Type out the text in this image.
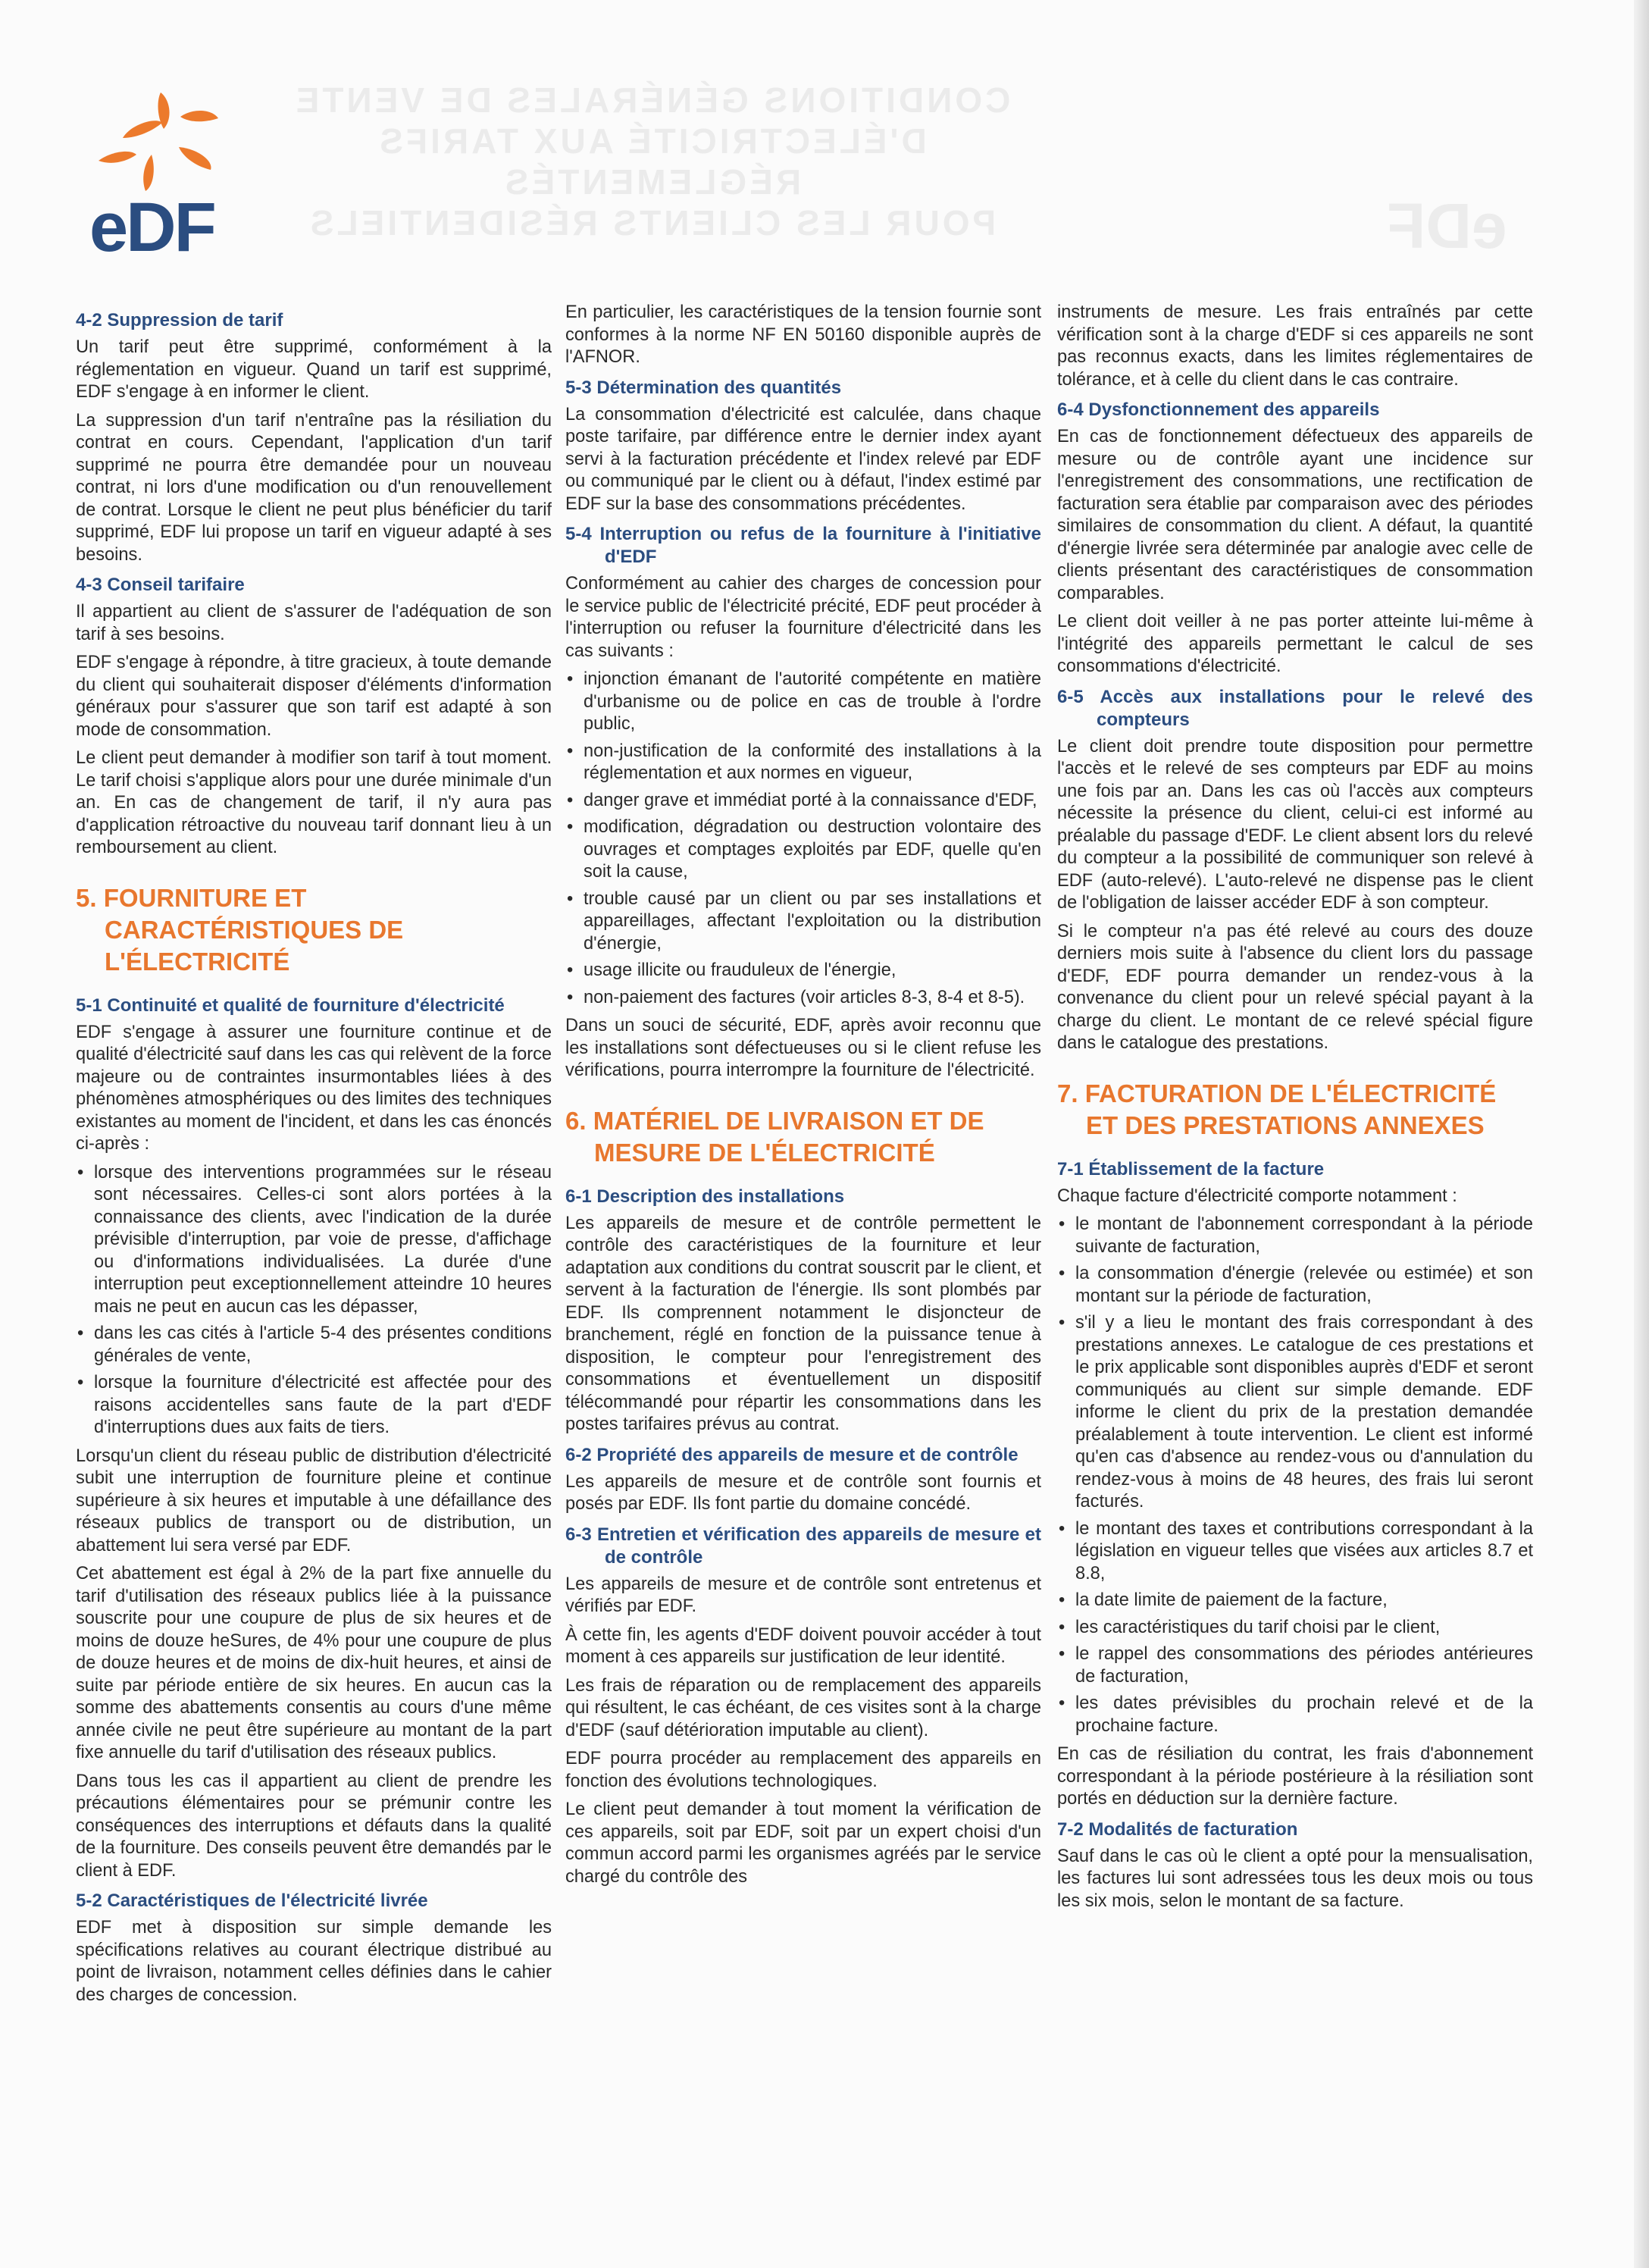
CONDITIONS GÉNÉRALES DE VENTE
D'ÉLECTRICITÉ AUX TARIFS RÉGLEMENTÉS
POUR LES CLIENTS RÉSIDENTIELS	eDF
eDF
4-2 Suppression de tarif

Un tarif peut être supprimé, conformément à la réglementation en vigueur. Quand un tarif est supprimé, EDF s'engage à en informer le client.

La suppression d'un tarif n'entraîne pas la résiliation du contrat en cours. Cependant, l'application d'un tarif supprimé ne pourra être demandée pour un nouveau contrat, ni lors d'une modification ou d'un renouvellement de contrat. Lorsque le client ne peut plus bénéficier du tarif supprimé, EDF lui propose un tarif en vigueur adapté à ses besoins.

4-3 Conseil tarifaire

Il appartient au client de s'assurer de l'adéquation de son tarif à ses besoins.

EDF s'engage à répondre, à titre gracieux, à toute demande du client qui souhaiterait disposer d'éléments d'information généraux pour s'assurer que son tarif est adapté à son mode de consommation.

Le client peut demander à modifier son tarif à tout moment. Le tarif choisi s'applique alors pour une durée minimale d'un an. En cas de changement de tarif, il n'y aura pas d'application rétroactive du nouveau tarif donnant lieu à un remboursement au client.

5. FOURNITURE ET CARACTÉRISTIQUES DE L'ÉLECTRICITÉ
5-1 Continuité et qualité de fourniture d'électricité

EDF s'engage à assurer une fourniture continue et de qualité d'électricité sauf dans les cas qui relèvent de la force majeure ou de contraintes insurmontables liées à des phénomènes atmosphériques ou des limites des techniques existantes au moment de l'incident, et dans les cas énoncés ci-après :

• lorsque des interventions programmées sur le réseau sont nécessaires. Celles-ci sont alors portées à la connaissance des clients, avec l'indication de la durée prévisible d'interruption, par voie de presse, d'affichage ou d'informations individualisées. La durée d'une interruption peut exceptionnellement atteindre 10 heures mais ne peut en aucun cas les dépasser,
• dans les cas cités à l'article 5-4 des présentes conditions générales de vente,
• lorsque la fourniture d'électricité est affectée pour des raisons accidentelles sans faute de la part d'EDF d'interruptions dues aux faits de tiers.

Lorsqu'un client du réseau public de distribution d'électricité subit une interruption de fourniture pleine et continue supérieure à six heures et imputable à une défaillance des réseaux publics de transport ou de distribution, un abattement lui sera versé par EDF.

Cet abattement est égal à 2% de la part fixe annuelle du tarif d'utilisation des réseaux publics liée à la puissance souscrite pour une coupure de plus de six heures et de moins de douze heSures, de 4% pour une coupure de plus de douze heures et de moins de dix-huit heures, et ainsi de suite par période entière de six heures. En aucun cas la somme des abattements consentis au cours d'une même année civile ne peut être supérieure au montant de la part fixe annuelle du tarif d'utilisation des réseaux publics.

Dans tous les cas il appartient au client de prendre les précautions élémentaires pour se prémunir contre les conséquences des interruptions et défauts dans la qualité de la fourniture. Des conseils peuvent être demandés par le client à EDF.

5-2 Caractéristiques de l'électricité livrée

EDF met à disposition sur simple demande les spécifications relatives au courant électrique distribué au point de livraison, notamment celles définies dans le cahier des charges de concession.

En particulier, les caractéristiques de la tension fournie sont conformes à la norme NF EN 50160 disponible auprès de l'AFNOR.

5-3 Détermination des quantités

La consommation d'électricité est calculée, dans chaque poste tarifaire, par différence entre le dernier index ayant servi à la facturation précédente et l'index relevé par EDF ou communiqué par le client ou à défaut, l'index estimé par EDF sur la base des consommations précédentes.

5-4 Interruption ou refus de la fourniture à l'initiative d'EDF

Conformément au cahier des charges de concession pour le service public de l'électricité précité, EDF peut procéder à l'interruption ou refuser la fourniture d'électricité dans les cas suivants :

• injonction émanant de l'autorité compétente en matière d'urbanisme ou de police en cas de trouble à l'ordre public,
• non-justification de la conformité des installations à la réglementation et aux normes en vigueur,
• danger grave et immédiat porté à la connaissance d'EDF,
• modification, dégradation ou destruction volontaire des ouvrages et comptages exploités par EDF, quelle qu'en soit la cause,
• trouble causé par un client ou par ses installations et appareillages, affectant l'exploitation ou la distribution d'énergie,
• usage illicite ou frauduleux de l'énergie,
• non-paiement des factures (voir articles 8-3, 8-4 et 8-5).

Dans un souci de sécurité, EDF, après avoir reconnu que les installations sont défectueuses ou si le client refuse les vérifications, pourra interrompre la fourniture de l'électricité.

6. MATÉRIEL DE LIVRAISON ET DE MESURE DE L'ÉLECTRICITÉ
6-1 Description des installations

Les appareils de mesure et de contrôle permettent le contrôle des caractéristiques de la fourniture et leur adaptation aux conditions du contrat souscrit par le client, et servent à la facturation de l'énergie. Ils sont plombés par EDF. Ils comprennent notamment le disjoncteur de branchement, réglé en fonction de la puissance tenue à disposition, le compteur pour l'enregistrement des consommations et éventuellement un dispositif télécommandé pour répartir les consommations dans les postes tarifaires prévus au contrat.

6-2 Propriété des appareils de mesure et de contrôle

Les appareils de mesure et de contrôle sont fournis et posés par EDF. Ils font partie du domaine concédé.

6-3 Entretien et vérification des appareils de mesure et de contrôle

Les appareils de mesure et de contrôle sont entretenus et vérifiés par EDF.

À cette fin, les agents d'EDF doivent pouvoir accéder à tout moment à ces appareils sur justification de leur identité.

Les frais de réparation ou de remplacement des appareils qui résultent, le cas échéant, de ces visites sont à la charge d'EDF (sauf détérioration imputable au client).

EDF pourra procéder au remplacement des appareils en fonction des évolutions technologiques.

Le client peut demander à tout moment la vérification de ces appareils, soit par EDF, soit par un expert choisi d'un commun accord parmi les organismes agréés par le service chargé du contrôle des

instruments de mesure. Les frais entraînés par cette vérification sont à la charge d'EDF si ces appareils ne sont pas reconnus exacts, dans les limites réglementaires de tolérance, et à celle du client dans le cas contraire.

6-4 Dysfonctionnement des appareils

En cas de fonctionnement défectueux des appareils de mesure ou de contrôle ayant une incidence sur l'enregistrement des consommations, une rectification de facturation sera établie par comparaison avec des périodes similaires de consommation du client. A défaut, la quantité d'énergie livrée sera déterminée par analogie avec celle de clients présentant des caractéristiques de consommation comparables.

Le client doit veiller à ne pas porter atteinte lui-même à l'intégrité des appareils permettant le calcul de ses consommations d'électricité.

6-5 Accès aux installations pour le relevé des compteurs

Le client doit prendre toute disposition pour permettre l'accès et le relevé de ses compteurs par EDF au moins une fois par an. Dans les cas où l'accès aux compteurs nécessite la présence du client, celui-ci est informé au préalable du passage d'EDF. Le client absent lors du relevé du compteur a la possibilité de communiquer son relevé à EDF (auto-relevé). L'auto-relevé ne dispense pas le client de l'obligation de laisser accéder EDF à son compteur.

Si le compteur n'a pas été relevé au cours des douze derniers mois suite à l'absence du client lors du passage d'EDF, EDF pourra demander un rendez-vous à la convenance du client pour un relevé spécial payant à la charge du client. Le montant de ce relevé spécial figure dans le catalogue des prestations.

7. FACTURATION DE L'ÉLECTRICITÉ ET DES PRESTATIONS ANNEXES
7-1 Établissement de la facture

Chaque facture d'électricité comporte notamment :

• le montant de l'abonnement correspondant à la période suivante de facturation,
• la consommation d'énergie (relevée ou estimée) et son montant sur la période de facturation,
• s'il y a lieu le montant des frais correspondant à des prestations annexes. Le catalogue de ces prestations et le prix applicable sont disponibles auprès d'EDF et seront communiqués au client sur simple demande. EDF informe le client du prix de la prestation demandée préalablement à toute intervention. Le client est informé qu'en cas d'absence au rendez-vous ou d'annulation du rendez-vous à moins de 48 heures, des frais lui seront facturés.
• le montant des taxes et contributions correspondant à la législation en vigueur telles que visées aux articles 8.7 et 8.8,
• la date limite de paiement de la facture,
• les caractéristiques du tarif choisi par le client,
• le rappel des consommations des périodes antérieures de facturation,
• les dates prévisibles du prochain relevé et de la prochaine facture.

En cas de résiliation du contrat, les frais d'abonnement correspondant à la période postérieure à la résiliation sont portés en déduction sur la dernière facture.

7-2 Modalités de facturation

Sauf dans le cas où le client a opté pour la mensualisation, les factures lui sont adressées tous les deux mois ou tous les six mois, selon le montant de sa facture.
